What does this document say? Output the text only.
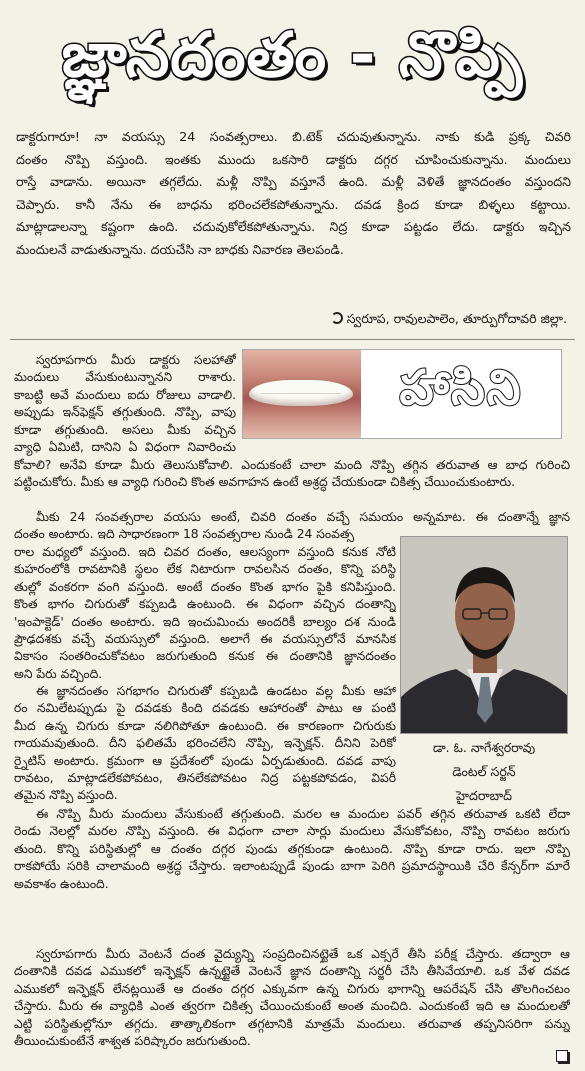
జ్ఞానదంతం - నొప్పి
డాక్టరుగారూ! నా వయస్సు 24 సంవత్సరాలు. బి.టెక్ చదువుతున్నాను. నాకు కుడి ప్రక్క చివరి
దంతం నొప్పి వస్తుంది. ఇంతకు ముందు ఒకసారి డాక్టరు దగ్గర చూపించుకున్నాను. మందులు
రాస్తే వాడాను. అయినా తగ్గలేదు. మళ్లీ నొప్పి వస్తూనే ఉంది. మళ్లీ వెళితే జ్ఞానదంతం వస్తుందని
చెప్పారు. కానీ నేను ఈ బాధను భరించలేకపోతున్నాను. దవడ క్రింద కూడా బిళ్ళలు కట్టాయి.
మాట్లాడాలన్నా కష్టంగా ఉంది. చదువుకోలేకపోతున్నాను. నిద్ర కూడా పట్టడం లేదు. డాక్టరు ఇచ్చిన
మందులనే వాడుతున్నాను. దయచేసి నా బాధకు నివారణ తెలపండి.
స్వరూప, రావులపాలెం, తూర్పుగోదావరి జిల్లా.
స్వరూపగారు మీరు డాక్టరు సలహాతో
మందులు వేసుకుంటున్నానని రాశారు.
కాబట్టి అవే మందులు ఐదు రోజులు వాడాలి.
అప్పుడు ఇన్‌ఫెక్షన్ తగ్గుతుంది. నొప్పి, వాపు
కూడా తగ్గుతుంది. అసలు మీకు వచ్చిన
వ్యాధి ఏమిటి, దానిని ఏ విధంగా నివారించు
హాసిని
కోవాలి? అనేవి కూడా మీరు తెలుసుకోవాలి. ఎందుకంటే చాలా మంది నొప్పి తగ్గిన తరువాత ఆ బాధ గురించి
పట్టించుకోరు. మీకు ఆ వ్యాధి గురించి కొంత అవగాహన ఉంటే అశ్రద్ధ చేయకుండా చికిత్స చేయించుకుంటారు.
మీకు 24 సంవత్సరాల వయసు అంటే, చివరి దంతం వచ్చే సమయం అన్నమాట. ఈ దంతాన్నే జ్ఞాన
దంతం అంటారు. ఇది సాధారణంగా 18 సంవత్సరాల నుండి 24 సంవత్స
రాల మధ్యలో వస్తుంది. ఇది చివర దంతం, ఆలస్యంగా వస్తుంది కనుక నోటి
కుహరంలోకి రావటానికి స్థలం లేక నిటారుగా రావలసిన దంతం, కొన్ని పరిస్థి
తుల్లో వంకరగా వంగి వస్తుంది. అంటే దంతం కొంత భాగం పైకి కనిపిస్తుంది.
కొంత భాగం చిగురుతో కప్పబడి ఉంటుంది. ఈ విధంగా వచ్చిన దంతాన్ని
'ఇంపాక్టెడ్' దంతం అంటారు. ఇది ఇంచుమించు అందరికీ బాల్యం దశ నుండి
ప్రౌఢదశకు వచ్చే వయస్సులో వస్తుంది. అలాగే ఈ వయస్సులోనే మానసిక
వికాసం సంతరించుకోవటం జరుగుతుంది కనుక ఈ దంతానికి జ్ఞానదంతం
అని పేరు వచ్చింది.
ఈ జ్ఞానదంతం సగభాగం చిగురుతో కప్పబడి ఉండటం వల్ల మీకు ఆహా
రం నమిలేటప్పుడు పై దవడకు కింది దవడకు ఆహారంతో పాటు ఆ పంటి
మీద ఉన్న చిగురు కూడా నలిగిపోతూ ఉంటుంది. ఈ కారణంగా చిగురుకు
గాయమవుతుంది. దీని ఫలితమే భరించలేని నొప్పి, ఇన్ఫెక్షన్. దీనిని పెరికో
ర్నైటిస్ అంటారు. క్రమంగా ఆ ప్రదేశంలో పుండు ఏర్పడుతుంది. దవడ వాపు
రావటం, మాట్లాడలేకపోవటం, తినలేకపోవటం నిద్ర పట్టకపోవడం, విపరీ
తమైన నొప్పి వస్తుంది.
డా. ఓ. నాగేశ్వరరావు
డెంటల్ సర్జన్
హైదరాబాద్
ఈ నొప్పి మీరు మందులు వేసుకుంటే తగ్గుతుంది. మరల ఆ మందుల పవర్ తగ్గిన తరువాత ఒకటి లేదా
రెండు నెలల్లో మరల నొప్పి వస్తుంది. ఈ విధంగా చాలా సార్లు మందులు వేసుకోవటం, నొప్పి రావటం జరుగు
తుంది. కొన్ని పరిస్థితుల్లో ఆ దంతం దగ్గర పుండు తగ్గకుండా ఉంటుంది. నొప్పి కూడా రాదు. ఇలా నొప్పి
రాకపోయే సరికి చాలామంది అశ్రద్ధ చేస్తారు. ఇలాంటప్పుడే పుండు బాగా పెరిగి ప్రమాదస్థాయికి చేరి కేన్సర్‌గా మారే
అవకాశం ఉంటుంది.
స్వరూపగారు మీరు వెంటనే దంత వైద్యున్ని సంప్రదించినట్టైతే ఒక ఎక్సరే తీసి పరీక్ష చేస్తారు. తద్వారా ఆ
దంతానికి దవడ ఎముకలో ఇన్ఫెక్షన్ ఉన్నట్టైతే వెంటనే జ్ఞాన దంతాన్ని సర్జరీ చేసి తీసివేయాలి. ఒక వేళ దవడ
ఎముకలో ఇన్ఫెక్షన్ లేనట్లయితే ఆ దంతం దగ్గర ఎక్కువగా ఉన్న చిగురు భాగాన్ని ఆపరేషన్ చేసి తొలగించటం
చేస్తారు. మీరు ఈ వ్యాధికి ఎంత త్వరగా చికిత్స చేయించుకుంటే అంత మంచిది. ఎందుకంటే ఇది ఆ మందులతో
ఎట్టి పరిస్థితుల్లోనూ తగ్గదు. తాత్కాలికంగా తగ్గటానికి మాత్రమే మందులు. తరువాత తప్పనిసరిగా పన్ను
తీయించుకుంటేనే శాశ్వత పరిష్కారం జరుగుతుంది.
